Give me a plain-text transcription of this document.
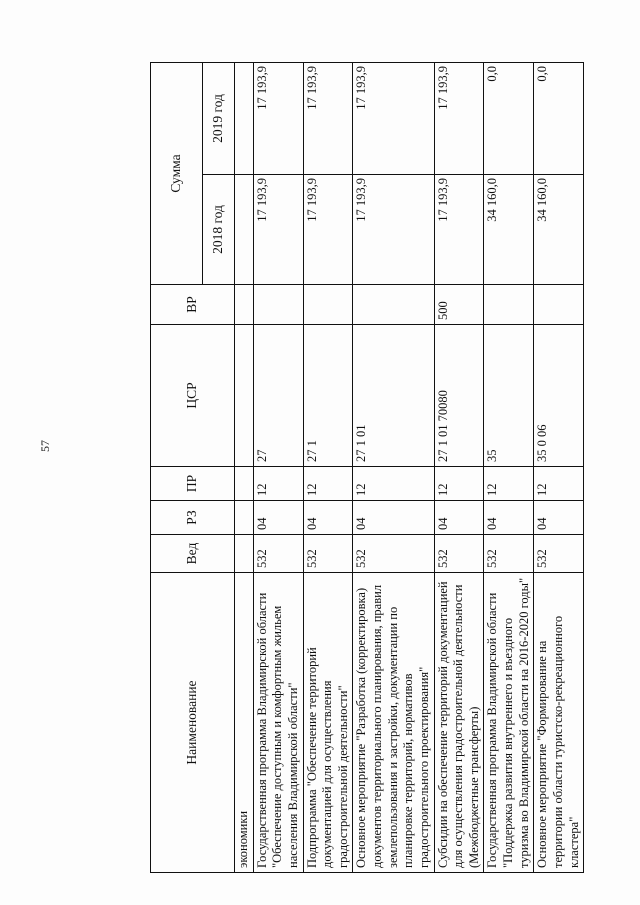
57
Наименование	Вед	РЗ	ПР	ЦСР	ВР	Сумма	
						2018 год	2019 год
экономики							
Государственная программа Владимирской области "Обеспечение доступным и комфортным жильем населения Владимирской области"	532	04	12	27		17 193,9	17 193,9
Подпрограмма "Обеспечение территорий документацией для осуществления градостроительной деятельности"	532	04	12	27 1		17 193,9	17 193,9
Основное мероприятие "Разработка (корректировка) документов территориального планирования, правил землепользования и застройки, документации по планировке территорий, нормативов градостроительного проектирования"	532	04	12	27 1 01		17 193,9	17 193,9
Субсидии на обеспечение территорий документацией для осуществления градостроительной деятельности (Межбюджетные трансферты)	532	04	12	27 1 01 70080	500	17 193,9	17 193,9
Государственная программа Владимирской области "Поддержка развития внутреннего и въездного туризма во Владимирской области на 2016-2020 годы"	532	04	12	35		34 160,0	0,0
Основное мероприятие "Формирование на территории области туристско-рекреационного кластера"	532	04	12	35 0 06		34 160,0	0,0
